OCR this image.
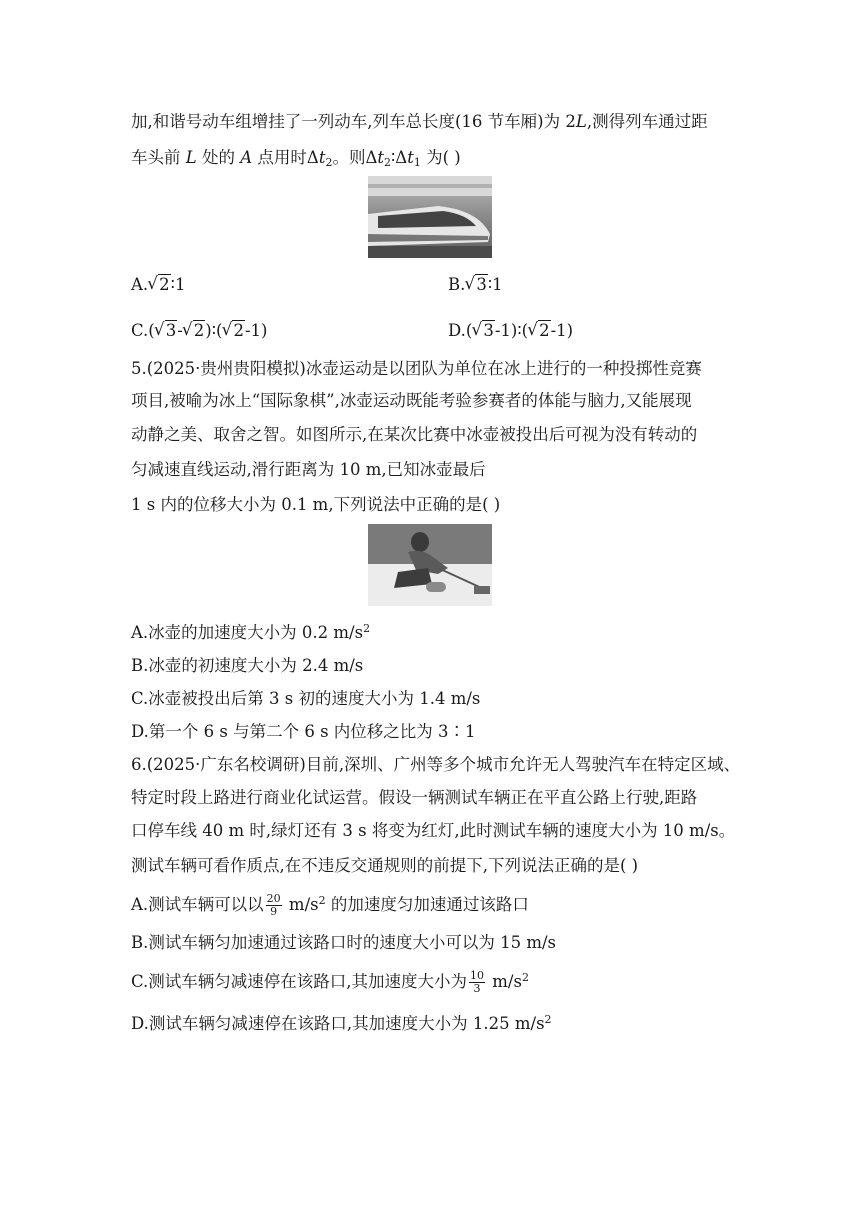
加,和谐号动车组增挂了一列动车,列车总长度(16 节车厢)为 2L,测得列车通过距
车头前 L 处的 A 点用时$\Delta t_2$。则$\Delta t_2∶\Delta t_1$ 为( )
A. √ 2∶1	B. √ 3∶1
C.( √ 3- √ 2)∶( √ 2-1)	D.( √ 3-1)∶( √ 2-1)
5.(2025·贵州贵阳模拟)冰壶运动是以团队为单位在冰上进行的一种投掷性竞赛
项目,被喻为冰上“国际象棋”,冰壶运动既能考验参赛者的体能与脑力,又能展现
动静之美、取舍之智。如图所示,在某次比赛中冰壶被投出后可视为没有转动的
匀减速直线运动,滑行距离为 10 m,已知冰壶最后
1 s 内的位移大小为 0.1 m,下列说法中正确的是( )
A.冰壶的加速度大小为 0.2 $m/s^2$
B.冰壶的初速度大小为 2.4 m/s
C.冰壶被投出后第 3 s 初的速度大小为 1.4 m/s
D.第一个 6 s 与第二个 6 s 内位移之比为 3∶1
6.(2025·广东名校调研)目前,深圳、广州等多个城市允许无人驾驶汽车在特定区域、
特定时段上路进行商业化试运营。假设一辆测试车辆正在平直公路上行驶,距路
口停车线 40 m 时,绿灯还有 3 s 将变为红灯,此时测试车辆的速度大小为 10 m/s。
测试车辆可看作质点,在不违反交通规则的前提下,下列说法正确的是( )
A.测试车辆可以以 $\frac{20}{9} m/s^2$ 的加速度匀加速通过该路口
B.测试车辆匀加速通过该路口时的速度大小可以为 15 m/s
C.测试车辆匀减速停在该路口,其加速度大小为 $\frac{10}{3} m/s^2$
D.测试车辆匀减速停在该路口,其加速度大小为 1.25 $m/s^2$
